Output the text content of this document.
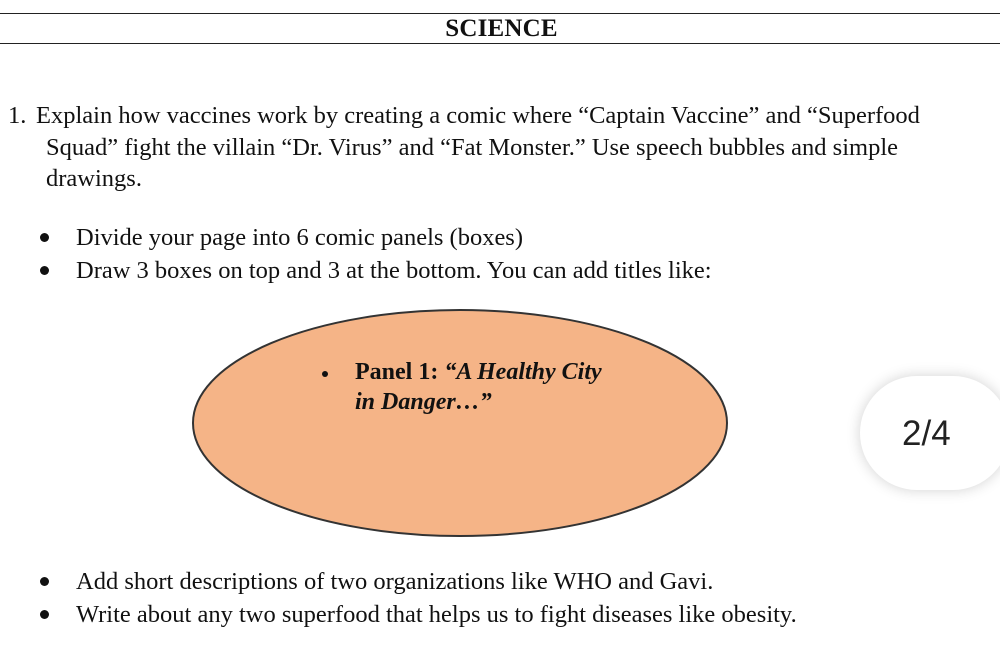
SCIENCE
1. Explain how vaccines work by creating a comic where “Captain Vaccine” and “Superfood Squad” fight the villain “Dr. Virus” and “Fat Monster.” Use speech bubbles and simple drawings.
Divide your page into 6 comic panels (boxes)
Draw 3 boxes on top and 3 at the bottom. You can add titles like:
Panel 1: “A Healthy City
in Danger…”
Add short descriptions of two organizations like WHO and Gavi.
Write about any two superfood that helps us to fight diseases like obesity.
2/4
